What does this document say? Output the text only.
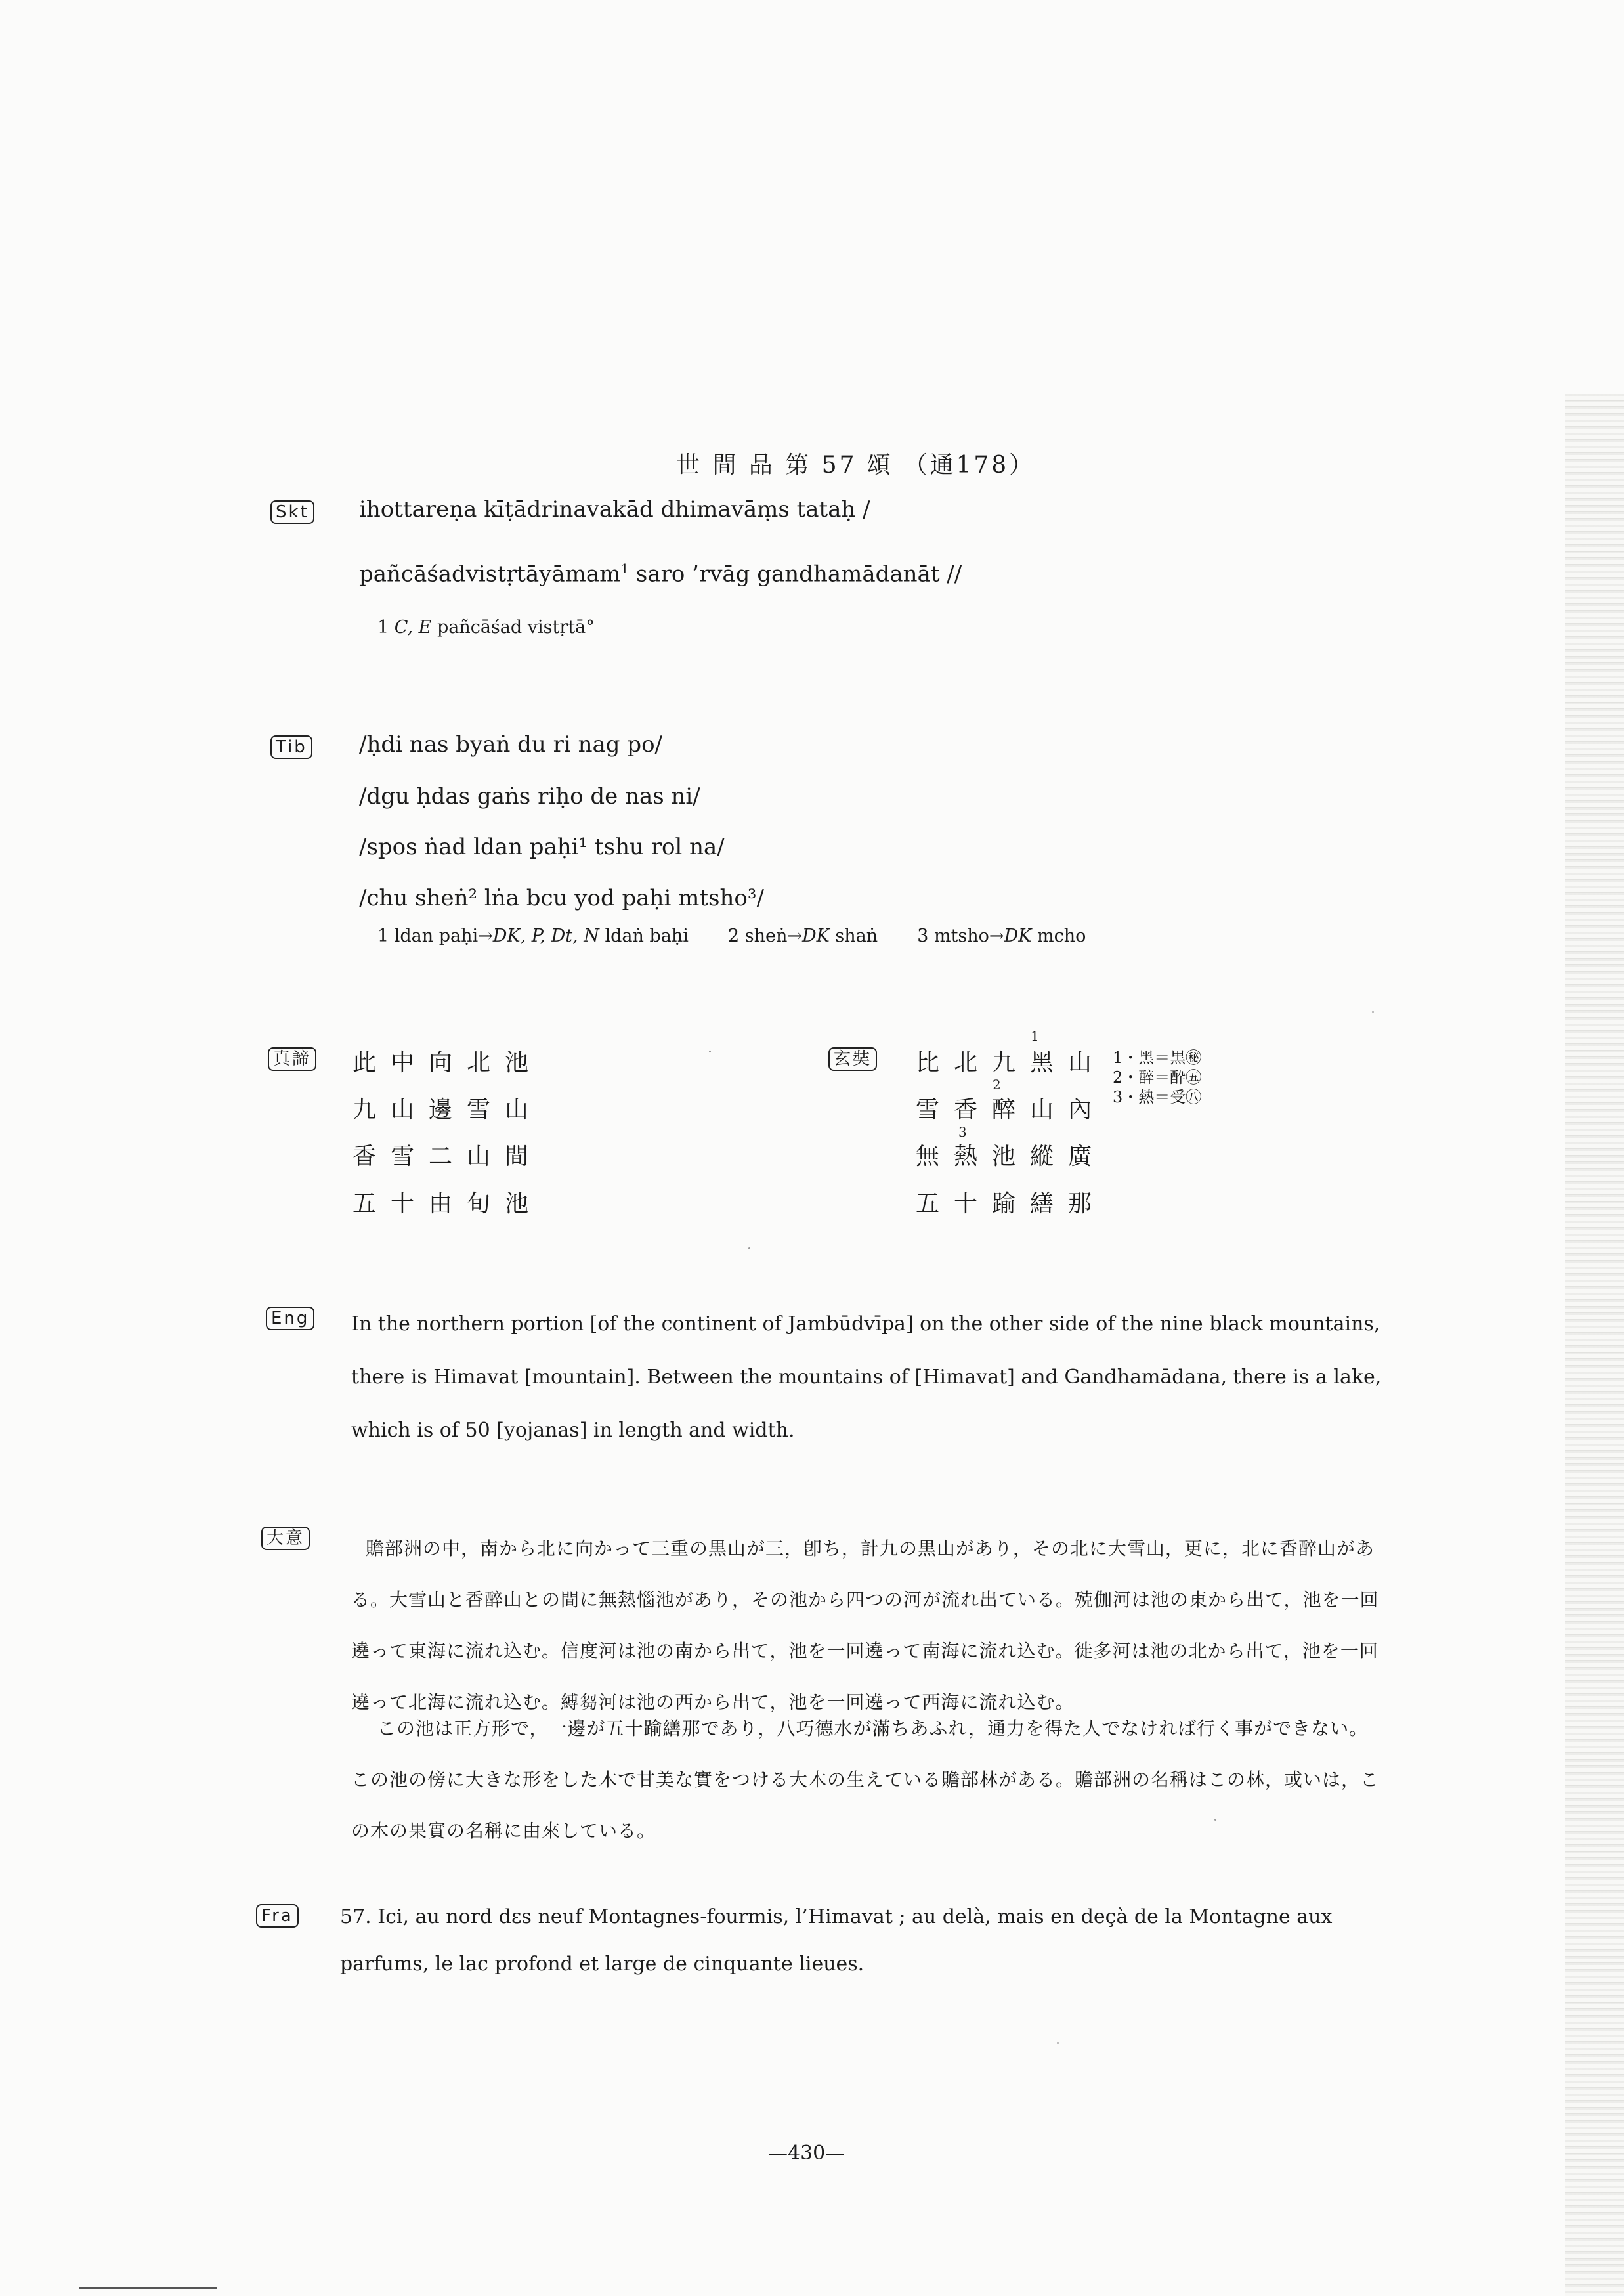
世 間 品 第 57 頌 （通178）
Skt ihottareṇa kīṭādrinavakād dhimavāṃs tataḥ /
pañcāśadvistṛtāyāmam$^1$ saro ’rvāg gandhamādanāt //
1 C, E pañcāśad vistṛtā°
Tib /ḥdi nas byaṅ du ri nag po/
/dgu ḥdas gaṅs riḥo de nas ni/
/spos ṅad ldan paḥi¹ tshu rol na/
/chu sheṅ² lṅa bcu yod paḥi mtsho³/
1 ldan paḥi→DK, P, Dt, N ldaṅ baḥi 2 sheṅ→DK shaṅ 3 mtsho→DK mcho
真諦 此中向北池
九山邊雪山
香雪二山間
五十由旬池
玄奘 比北九黑山
雪香醉山內
無熱池縱廣
五十踰繕那
1
2
3
1・黑＝黒㊙
2・醉＝酔㊄
3・熱＝受㊇
Eng In the northern portion [of the continent of Jambūdvīpa] on the other side of the nine black mountains, there is Himavat [mountain]. Between the mountains of [Himavat] and Gandhamādana, there is a lake, which is of 50 [yojanas] in length and width.
大意	贍部洲の中，南から北に向かって三重の黒山が三，卽ち，計九の黒山があり，その北に大雪山，更に，北に香醉山がある。大雪山と香醉山との間に無熱惱池があり，その池から四つの河が流れ出ている。殑伽河は池の東から出て，池を一回遶って東海に流れ込む。信度河は池の南から出て，池を一回遶って南海に流れ込む。徙多河は池の北から出て，池を一回遶って北海に流れ込む。縛芻河は池の西から出て，池を一回遶って西海に流れ込む。
この池は正方形で，一邊が五十踰繕那であり，八巧德水が滿ちあふれ，通力を得た人でなければ行く事ができない。この池の傍に大きな形をした木で甘美な實をつける大木の生えている贍部林がある。贍部洲の名稱はこの林，或いは，この木の果實の名稱に由來している。
Fra 57. Ici, au nord dεs neuf Montagnes-fourmis, l’Himavat ; au delà, mais en deçà de la Montagne aux parfums, le lac profond et large de cinquante lieues.
—430—
